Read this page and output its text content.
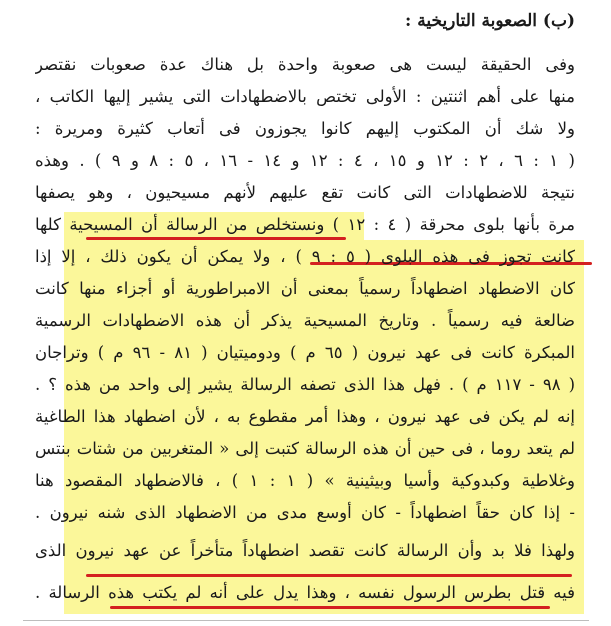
(ب) الصعوبة التاريخية :
وفى الحقيقة ليست هى صعوبة واحدة بل هناك عدة صعوبات نقتصر
منها على أهم اثنتين : الأولى تختص بالاضطهادات التى يشير إليها الكاتب ،
ولا شك أن المكتوب إليهم كانوا يجوزون فى أتعاب كثيرة ومريرة :
( ١ : ٦ ، ٢ : ١٢ و ١٥ ، ٤ : ١٢ و ١٤ - ١٦ ، ٥ : ٨ و ٩ ) . وهذه
نتيجة للاضطهادات التى كانت تقع عليهم لأنهم مسيحيون ، وهو يصفها
مرة بأنها بلوى محرقة ( ٤ : ١٢ ) ونستخلص من الرسالة أن المسيحية كلها
كانت تجوز فى هذه البلوى ( ٥ : ٩ ) ، ولا يمكن أن يكون ذلك ، إلا إذا
كان الاضطهاد اضطهاداً رسمياً بمعنى أن الامبراطورية أو أجزاء منها كانت
ضالعة فيه رسمياً . وتاريخ المسيحية يذكر أن هذه الاضطهادات الرسمية
المبكرة كانت فى عهد نيرون ( ٦٥ م ) ودوميتيان ( ٨١ - ٩٦ م ) وتراجان
( ٩٨ - ١١٧ م ) . فهل هذا الذى تصفه الرسالة يشير إلى واحد من هذه ؟ .
إنه لم يكن فى عهد نيرون ، وهذا أمر مقطوع به ، لأن اضطهاد هذا الطاغية
لم يتعد روما ، فى حين أن هذه الرسالة كتبت إلى « المتغربين من شتات بنتس
وغلاطية وكبدوكية وأسيا وبيثينية » ( ١ : ١ ) ، فالاضطهاد المقصود هنا
- إذا كان حقاً اضطهاداً - كان أوسع مدى من الاضطهاد الذى شنه نيرون .
ولهذا فلا بد وأن الرسالة كانت تقصد اضطهاداً متأخراً عن عهد نيرون الذى
فيه قتل بطرس الرسول نفسه ، وهذا يدل على أنه لم يكتب هذه الرسالة .
